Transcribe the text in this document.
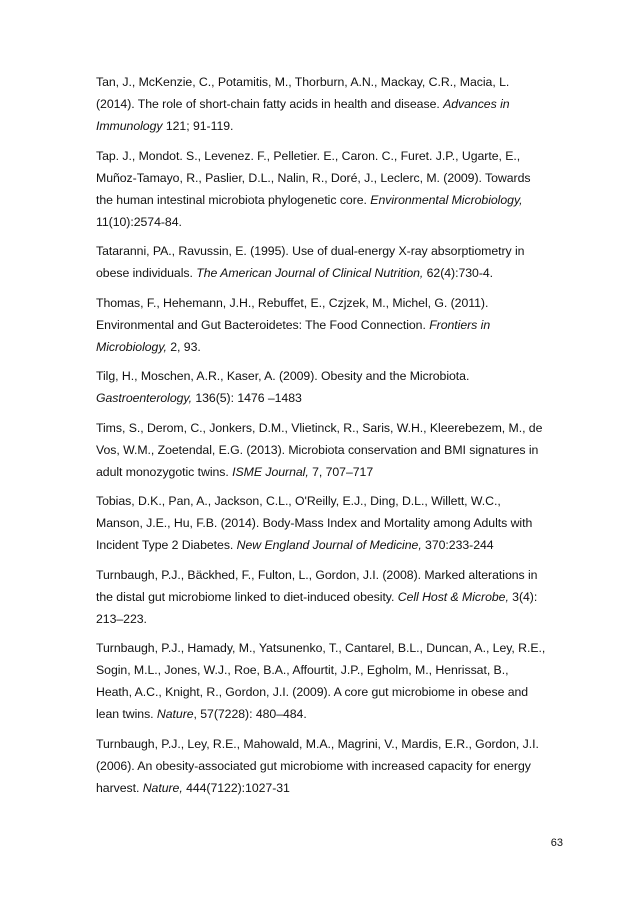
Tan, J., McKenzie, C., Potamitis, M., Thorburn, A.N., Mackay, C.R., Macia, L. (2014). The role of short-chain fatty acids in health and disease. Advances in Immunology 121; 91-119.

Tap. J., Mondot. S., Levenez. F., Pelletier. E., Caron. C., Furet. J.P., Ugarte, E., Muñoz-Tamayo, R., Paslier, D.L., Nalin, R., Doré, J., Leclerc, M. (2009). Towards the human intestinal microbiota phylogenetic core. Environmental Microbiology, 11(10):2574-84.

Tataranni, PA., Ravussin, E. (1995). Use of dual-energy X-ray absorptiometry in obese individuals. The American Journal of Clinical Nutrition, 62(4):730-4.

Thomas, F., Hehemann, J.H., Rebuffet, E., Czjzek, M., Michel, G. (2011). Environmental and Gut Bacteroidetes: The Food Connection. Frontiers in Microbiology, 2, 93.

Tilg, H., Moschen, A.R., Kaser, A. (2009). Obesity and the Microbiota. Gastroenterology, 136(5): 1476 –1483

Tims, S., Derom, C., Jonkers, D.M., Vlietinck, R., Saris, W.H., Kleerebezem, M., de Vos, W.M., Zoetendal, E.G. (2013). Microbiota conservation and BMI signatures in adult monozygotic twins. ISME Journal, 7, 707–717

Tobias, D.K., Pan, A., Jackson, C.L., O'Reilly, E.J., Ding, D.L., Willett, W.C., Manson, J.E., Hu, F.B. (2014). Body-Mass Index and Mortality among Adults with Incident Type 2 Diabetes. New England Journal of Medicine, 370:233-244

Turnbaugh, P.J., Bäckhed, F., Fulton, L., Gordon, J.I. (2008). Marked alterations in the distal gut microbiome linked to diet-induced obesity. Cell Host & Microbe, 3(4): 213–223.

Turnbaugh, P.J., Hamady, M., Yatsunenko, T., Cantarel, B.L., Duncan, A., Ley, R.E., Sogin, M.L., Jones, W.J., Roe, B.A., Affourtit, J.P., Egholm, M., Henrissat, B., Heath, A.C., Knight, R., Gordon, J.I. (2009). A core gut microbiome in obese and lean twins. Nature, 57(7228): 480–484.

Turnbaugh, P.J., Ley, R.E., Mahowald, M.A., Magrini, V., Mardis, E.R., Gordon, J.I. (2006). An obesity-associated gut microbiome with increased capacity for energy harvest. Nature, 444(7122):1027-31

63
